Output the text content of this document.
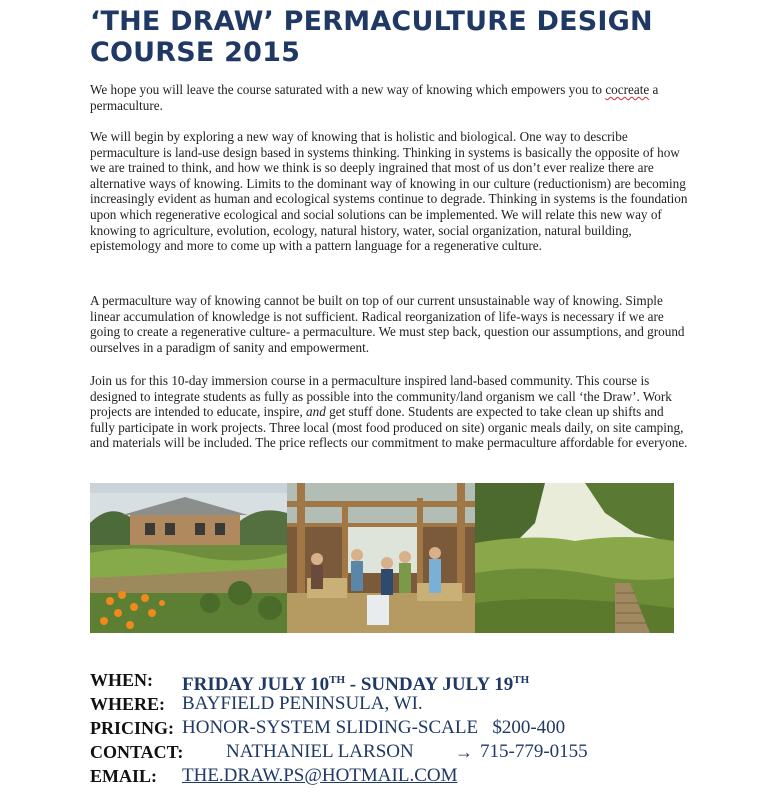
‘THE DRAW’ PERMACULTURE DESIGN COURSE 2015

We hope you will leave the course saturated with a new way of knowing which empowers you to cocreate a permaculture.

We will begin by exploring a new way of knowing that is holistic and biological. One way to describe permaculture is land-use design based in systems thinking. Thinking in systems is basically the opposite of how we are trained to think, and how we think is so deeply ingrained that most of us don’t ever realize there are alternative ways of knowing. Limits to the dominant way of knowing in our culture (reductionism) are becoming increasingly evident as human and ecological systems continue to degrade. Thinking in systems is the foundation upon which regenerative ecological and social solutions can be implemented. We will relate this new way of knowing to agriculture, evolution, ecology, natural history, water, social organization, natural building, epistemology and more to come up with a pattern language for a regenerative culture.

A permaculture way of knowing cannot be built on top of our current unsustainable way of knowing. Simple linear accumulation of knowledge is not sufficient. Radical reorganization of life-ways is necessary if we are going to create a regenerative culture- a permaculture. We must step back, question our assumptions, and ground ourselves in a paradigm of sanity and empowerment.

Join us for this 10-day immersion course in a permaculture inspired land-based community. This course is designed to integrate students as fully as possible into the community/land organism we call ‘the Draw’. Work projects are intended to educate, inspire, and get stuff done. Students are expected to take clean up shifts and fully participate in work projects. Three local (most food produced on site) organic meals daily, on site camping, and materials will be included. The price reflects our commitment to make permaculture affordable for everyone.

WHEN: FRIDAY JULY 10TH - SUNDAY JULY 19TH
WHERE: BAYFIELD PENINSULA, WI.
PRICING: HONOR-SYSTEM SLIDING-SCALE   $200-400
CONTACT: NATHANIEL LARSON → 715-779-0155
EMAIL: THE.DRAW.PS@HOTMAIL.COM
